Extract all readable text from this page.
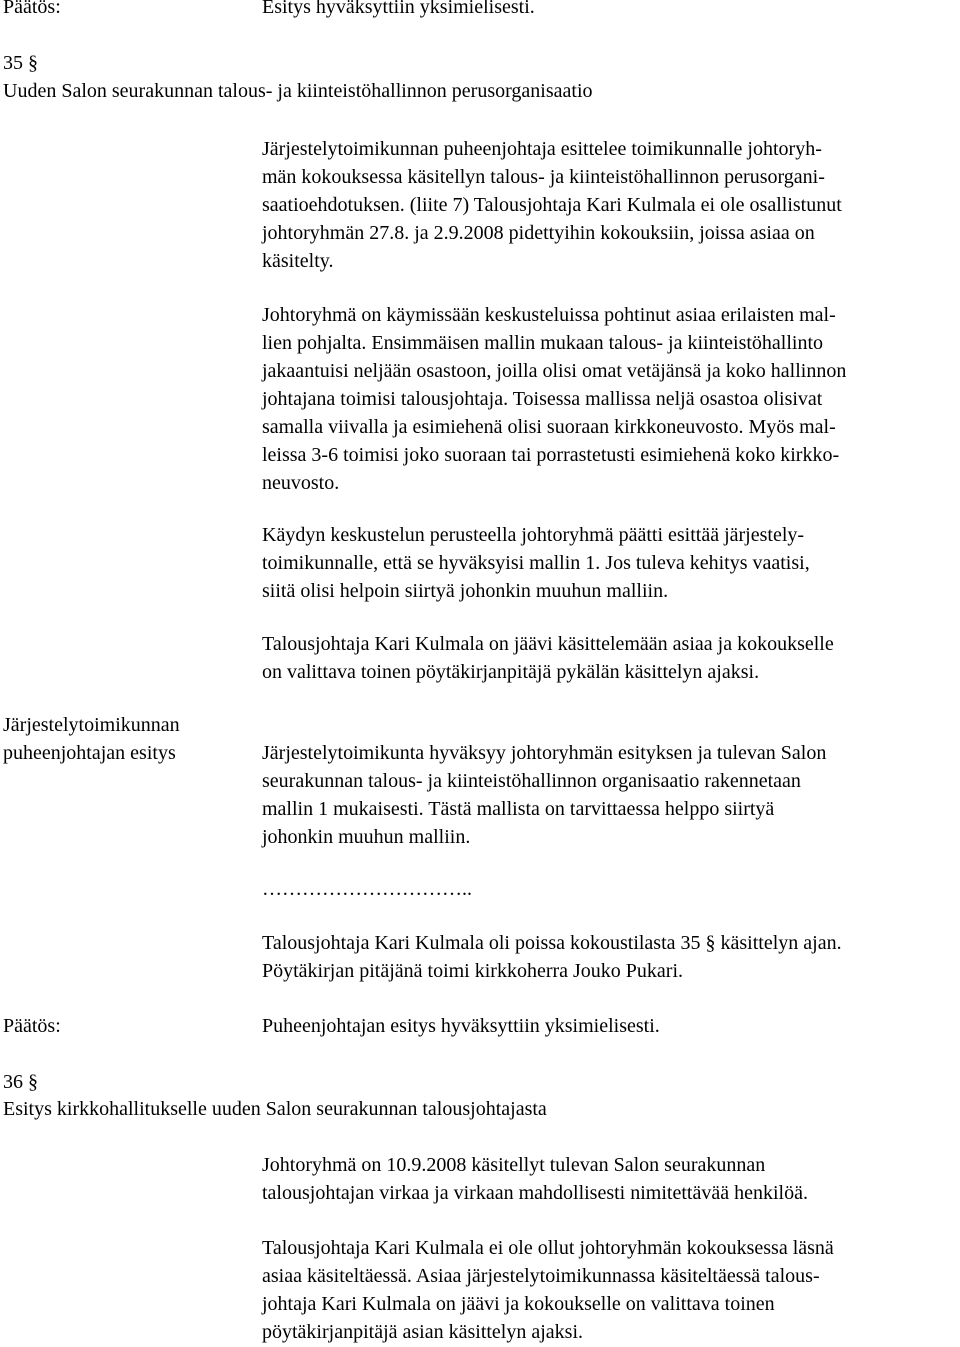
Päätös:	Esitys hyväksyttiin yksimielisesti.
35 §
Uuden Salon seurakunnan talous- ja kiinteistöhallinnon perusorganisaatio
Järjestelytoimikunnan puheenjohtaja esittelee toimikunnalle johtoryh-
män kokouksessa käsitellyn talous- ja kiinteistöhallinnon perusorgani-
saatioehdotuksen. (liite 7) Talousjohtaja Kari Kulmala ei ole osallistunut
johtoryhmän 27.8. ja 2.9.2008 pidettyihin kokouksiin, joissa asiaa on
käsitelty.
Johtoryhmä on käymissään keskusteluissa pohtinut asiaa erilaisten mal-
lien pohjalta. Ensimmäisen mallin mukaan talous- ja kiinteistöhallinto
jakaantuisi neljään osastoon, joilla olisi omat vetäjänsä ja koko hallinnon
johtajana toimisi talousjohtaja. Toisessa mallissa neljä osastoa olisivat
samalla viivalla ja esimiehenä olisi suoraan kirkkoneuvosto. Myös mal-
leissa 3-6 toimisi joko suoraan tai porrastetusti esimiehenä koko kirkko-
neuvosto.
Käydyn keskustelun perusteella johtoryhmä päätti esittää järjestely-
toimikunnalle, että se hyväksyisi mallin 1. Jos tuleva kehitys vaatisi,
siitä olisi helpoin siirtyä johonkin muuhun malliin.
Talousjohtaja Kari Kulmala on jäävi käsittelemään asiaa ja kokoukselle
on valittava toinen pöytäkirjanpitäjä pykälän käsittelyn ajaksi.
Järjestelytoimikunnan
puheenjohtajan esitys	Järjestelytoimikunta hyväksyy johtoryhmän esityksen ja tulevan Salon
seurakunnan talous- ja kiinteistöhallinnon organisaatio rakennetaan
mallin 1 mukaisesti. Tästä mallista on tarvittaessa helppo siirtyä
johonkin muuhun malliin.
…………………………..
Talousjohtaja Kari Kulmala oli poissa kokoustilasta 35 § käsittelyn ajan.
Pöytäkirjan pitäjänä toimi kirkkoherra Jouko Pukari.
Päätös:	Puheenjohtajan esitys hyväksyttiin yksimielisesti.
36 §
Esitys kirkkohallitukselle uuden Salon seurakunnan talousjohtajasta
Johtoryhmä on 10.9.2008 käsitellyt tulevan Salon seurakunnan
talousjohtajan virkaa ja virkaan mahdollisesti nimitettävää henkilöä.
Talousjohtaja Kari Kulmala ei ole ollut johtoryhmän kokouksessa läsnä
asiaa käsiteltäessä. Asiaa järjestelytoimikunnassa käsiteltäessä talous-
johtaja Kari Kulmala on jäävi ja kokoukselle on valittava toinen
pöytäkirjanpitäjä asian käsittelyn ajaksi.
